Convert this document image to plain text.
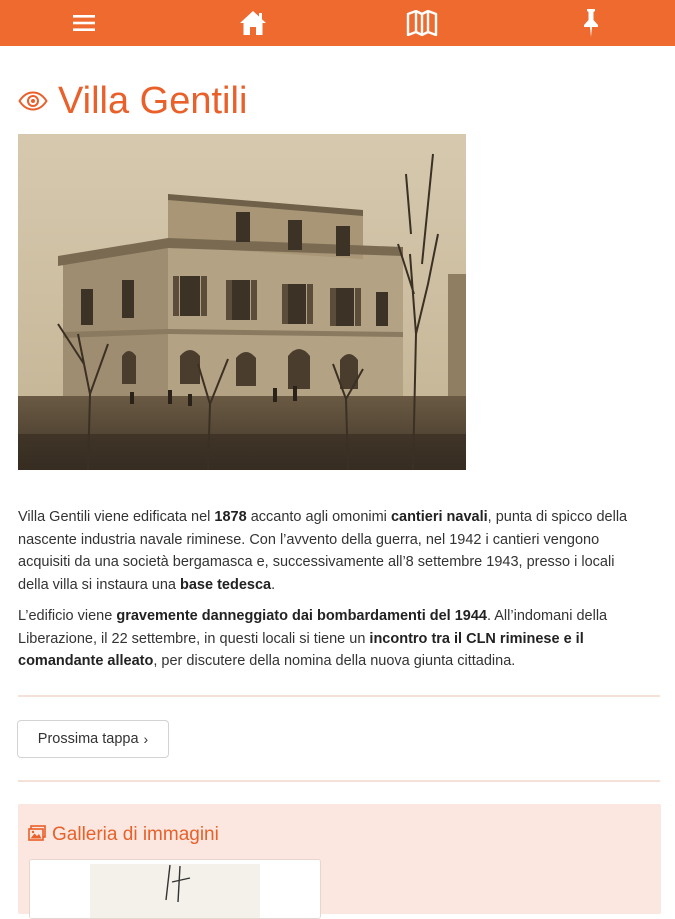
Villa Gentili

Villa Gentili viene edificata nel 1878 accanto agli omonimi cantieri navali, punta di spicco della nascente industria navale riminese. Con l’avvento della guerra, nel 1942 i cantieri vengono acquisiti da una società bergamasca e, successivamente all’8 settembre 1943, presso i locali della villa si instaura una base tedesca.

L’edificio viene gravemente danneggiato dai bombardamenti del 1944. All’indomani della Liberazione, il 22 settembre, in questi locali si tiene un incontro tra il CLN riminese e il comandante alleato, per discutere della nomina della nuova giunta cittadina.

Prossima tappa ›
Galleria di immagini
